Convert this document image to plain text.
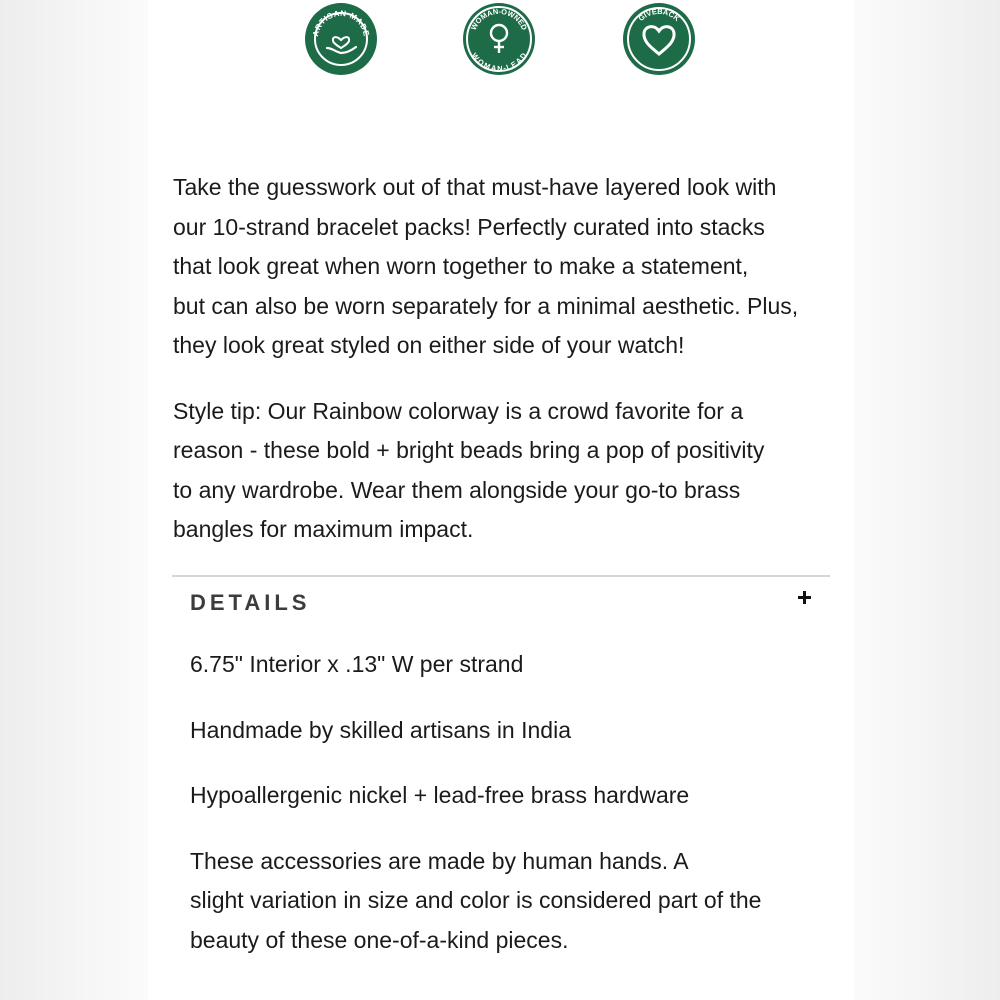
ARTISAN MADE
WOMAN-OWNED
WOMAN-LEAD
GIVEBACK

Take the guesswork out of that must-have layered look with
our 10-strand bracelet packs! Perfectly curated into stacks
that look great when worn together to make a statement,
but can also be worn separately for a minimal aesthetic. Plus,
they look great styled on either side of your watch!

Style tip: Our Rainbow colorway is a crowd favorite for a
reason - these bold + bright beads bring a pop of positivity
to any wardrobe. Wear them alongside your go-to brass
bangles for maximum impact.

DETAILS

6.75" Interior x .13" W per strand

Handmade by skilled artisans in India

Hypoallergenic nickel + lead-free brass hardware

These accessories are made by human hands. A
slight variation in size and color is considered part of the
beauty of these one-of-a-kind pieces.
